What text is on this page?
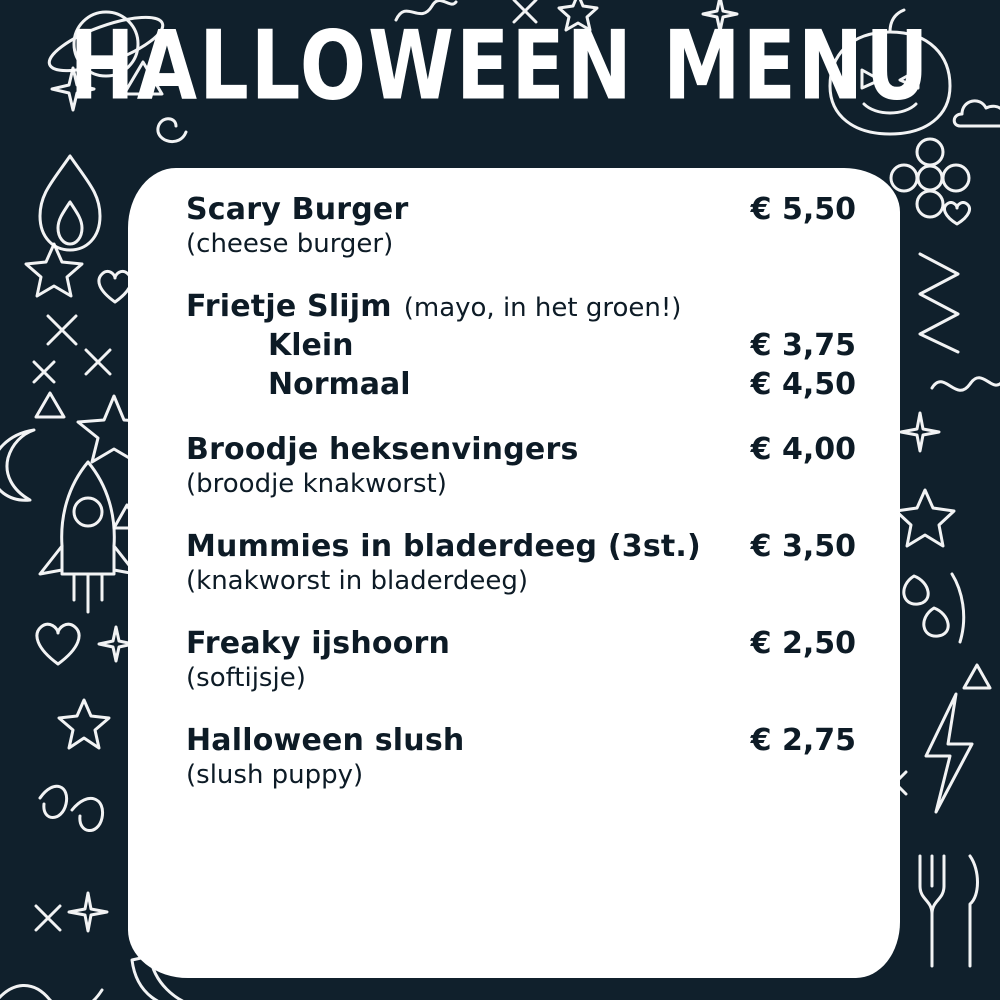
HALLOWEEN MENU
Scary Burger	€ 5,50
(cheese burger)
Frietje Slijm (mayo, in het groen!)
Klein	€ 3,75
Normaal	€ 4,50
Broodje heksenvingers	€ 4,00
(broodje knakworst)
Mummies in bladerdeeg (3st.)	€ 3,50
(knakworst in bladerdeeg)
Freaky ijshoorn	€ 2,50
(softijsje)
Halloween slush	€ 2,75
(slush puppy)
